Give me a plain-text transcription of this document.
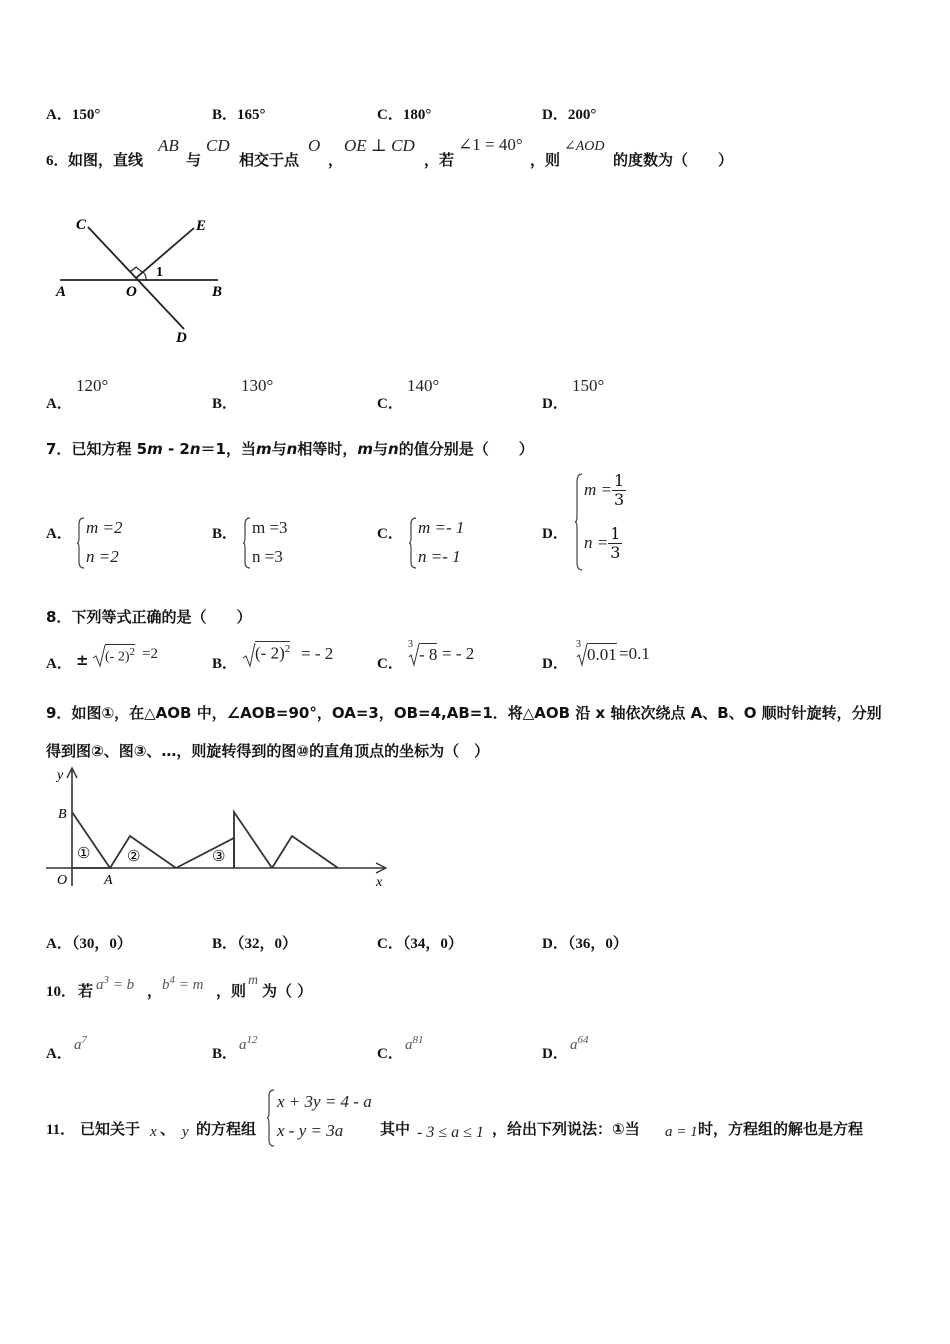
A．150°	B．165°	C．180°	D．200°
6． 如图，直线
AB
与
CD
相交于点
O
，
OE ⊥ CD
，若
∠1 = 40°
，则
∠AOD
的度数为（　　）
C	E
A	O	B
D
1
A．
120°
B．
130°
C．
140°
D．
150°
7．已知方程 5m - 2n＝1，当m与n相等时，m与n的值分别是（　　）
A． m =2
n =2
B． m =3
n =3
C． m =- 1
n =- 1
D．
$m = \frac{1}{3}$
$n = \frac{1}{3}$
8．下列等式正确的是（　　）
A． ± (- 2)$^2$ =2
B．
(- 2)$^2$ = - 2
C．
3
- 8 = - 2
D．
3
0.01 =0.1
9．如图①，在△AOB 中，∠AOB=90°，OA=3，OB=4,AB=1．将△AOB 沿 x 轴依次绕点 A、B、O 顺时针旋转，分别
得到图②、图③、…，则旋转得到的图⑩的直角顶点的坐标为（　）
y
B
O	A	x
① ②	③
A．（30，0）	B．（32，0）	C．（34，0）	D．（36，0）
10． 若 $a^3 = b$ ， $b^4 = m$ ，则
m
为（ ）
A．
$a^7$
B．
$a^{12}$
C．
$a^{81}$
D．
$a^{64}$
11． 已知关于 x 、 y 的方程组
x + 3y = 4 - a
x - y = 3a 其中 - 3 ≤ a ≤ 1 ，给出下列说法：①当 a = 1 时，方程组的解也是方程
